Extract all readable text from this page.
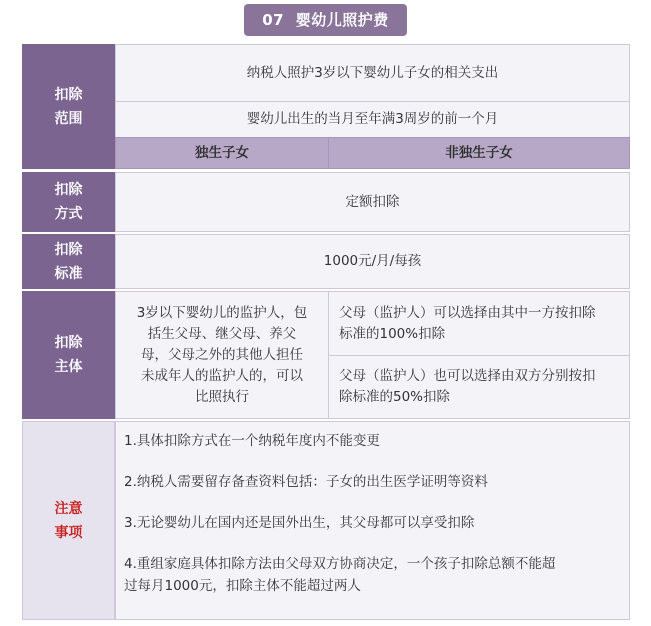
07 婴幼儿照护费
扣除
范围
纳税人照护3岁以下婴幼儿子女的相关支出
婴幼儿出生的当月至年满3周岁的前一个月
独生子女	非独生子女
扣除
方式
定额扣除
扣除
标准
1000元/月/每孩
扣除
主体
3岁以下婴幼儿的监护人，包
括生父母、继父母、养父
母，父母之外的其他人担任
未成年人的监护人的，可以
比照执行
父母（监护人）可以选择由其中一方按扣除
标准的100%扣除
父母（监护人）也可以选择由双方分别按扣
除标准的50%扣除
注意
事项
1.具体扣除方式在一个纳税年度内不能变更
2.纳税人需要留存备查资料包括：子女的出生医学证明等资料
3.无论婴幼儿在国内还是国外出生，其父母都可以享受扣除
4.重组家庭具体扣除方法由父母双方协商决定，一个孩子扣除总额不能超
过每月1000元，扣除主体不能超过两人
